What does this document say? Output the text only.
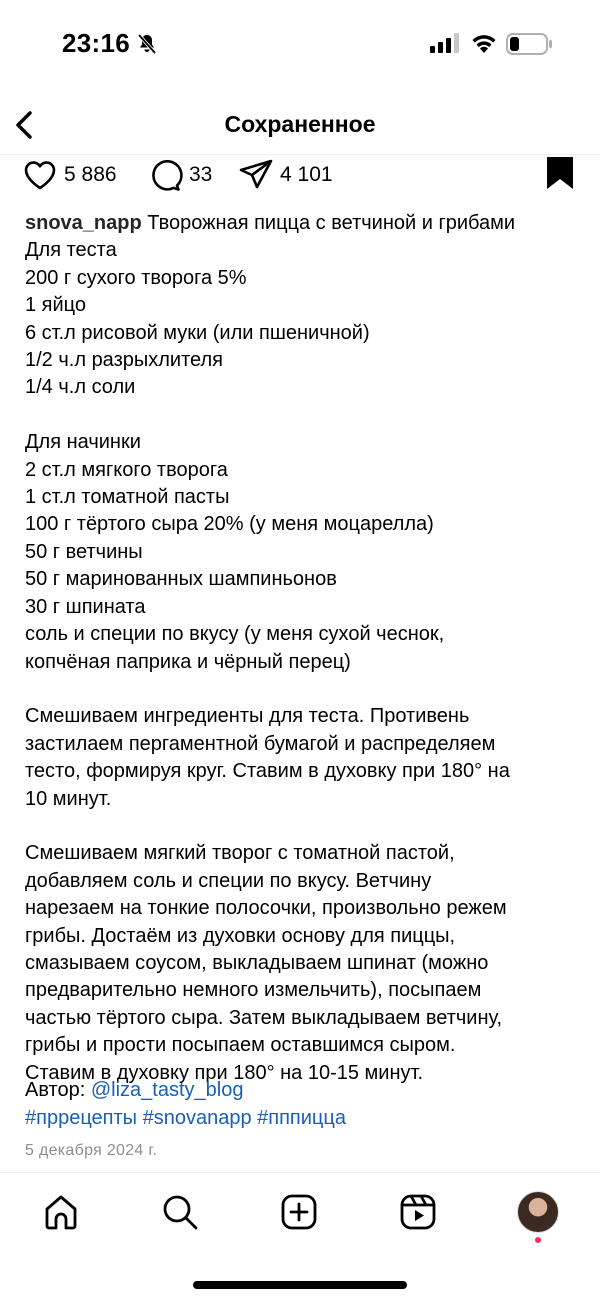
23:16
Сохраненное
5 886	33	4 101
snova_napp Творожная пицца с ветчиной и грибами
Для теста
200 г сухого творога 5%
1 яйцо
6 ст.л рисовой муки (или пшеничной)
1/2 ч.л разрыхлителя
1/4 ч.л соли

Для начинки
2 ст.л мягкого творога
1 ст.л томатной пасты
100 г тёртого сыра 20% (у меня моцарелла)
50 г ветчины
50 г маринованных шампиньонов
30 г шпината
соль и специи по вкусу (у меня сухой чеснок,
копчёная паприка и чёрный перец)

Смешиваем ингредиенты для теста. Противень
застилаем пергаментной бумагой и распределяем
тесто, формируя круг. Ставим в духовку при 180° на
10 минут.

Смешиваем мягкий творог с томатной пастой,
добавляем соль и специи по вкусу. Ветчину
нарезаем на тонкие полосочки, произвольно режем
грибы. Достаём из духовки основу для пиццы,
смазываем соусом, выкладываем шпинат (можно
предварительно немного измельчить), посыпаем
частью тёртого сыра. Затем выкладываем ветчину,
грибы и прости посыпаем оставшимся сыром.
Ставим в духовку при 180° на 10-15 минут.
Автор: @liza_tasty_blog
#пррецепты #snovanapp #пппицца
5 декабря 2024 г.
